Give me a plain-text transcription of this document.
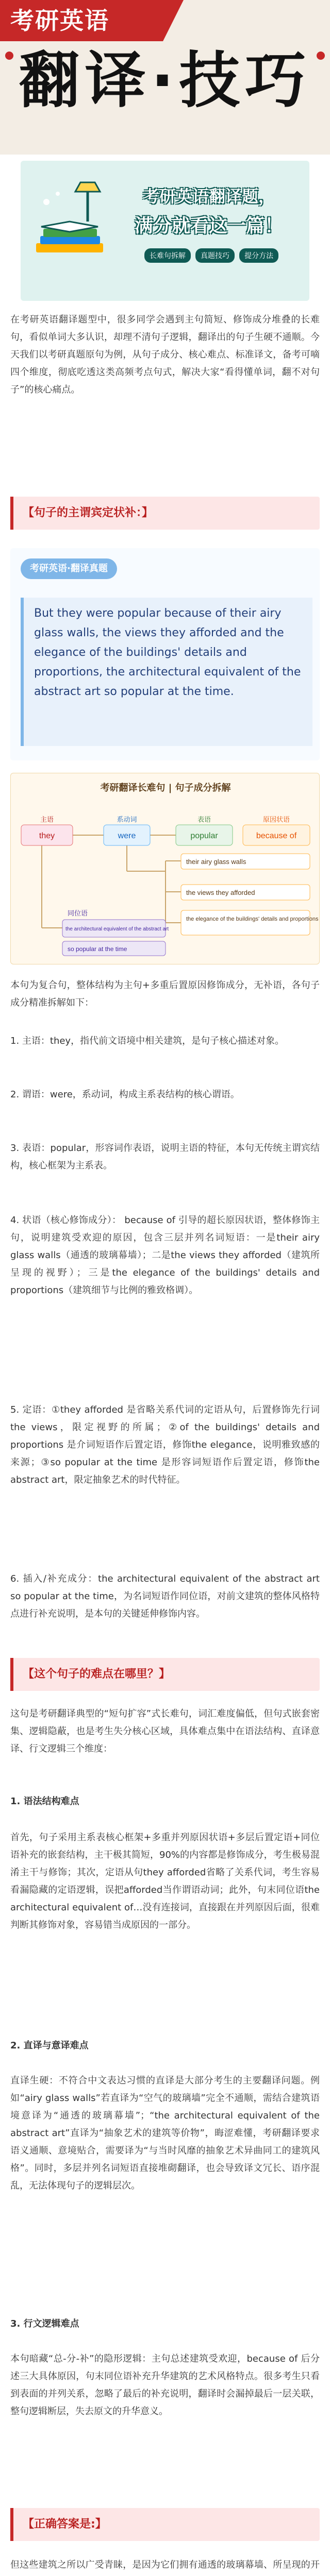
考研英语
翻译·技巧
考研英语翻译题，
满分就看这一篇！
长难句拆解 真题技巧 提分方法

在考研英语翻译题型中，很多同学会遇到主句简短、修饰成分堆叠的长难句，看似单词大多认识，却理不清句子逻辑，翻译出的句子生硬不通顺。今天我们以考研真题原句为例，从句子成分、核心难点、标准译文，备考可嘀四个维度，彻底吃透这类高频考点句式，解决大家“看得懂单词，翻不对句子”的核心痛点。

【句子的主谓宾定状补：】
考研英语·翻译真题

But they were popular because of their airy glass walls, the views they afforded and the elegance of the buildings' details and proportions, the architectural equivalent of the abstract art so popular at the time.

考研翻译长难句 | 句子成分拆解
they
主语
were
系动词
popular
表语
because of
原因状语
their airy glass walls
the views they afforded
the elegance of the buildings' details and proportions
the architectural equivalent of the abstract art
同位语
so popular at the time

本句为复合句，整体结构为主句+多重后置原因修饰成分，无补语，各句子成分精准拆解如下：

1. 主语：they，指代前文语境中相关建筑，是句子核心描述对象。

2. 谓语：were，系动词，构成主系表结构的核心谓语。

3. 表语：popular，形容词作表语，说明主语的特征，本句无传统主谓宾结构，核心框架为主系表。

4. 状语（核心修饰成分）： because of 引导的超长原因状语，整体修饰主句，说明建筑受欢迎的原因，包含三层并列名词短语：一是their airy glass walls（通透的玻璃幕墙）；二是the views they afforded（建筑所呈现的视野）；三是the elegance of the buildings' details and proportions（建筑细节与比例的雅致格调）。

5. 定语：①they afforded 是省略关系代词的定语从句，后置修饰先行词the views，限定视野的所属；②of the buildings' details and proportions 是介词短语作后置定语，修饰the elegance，说明雅致感的来源；③so popular at the time 是形容词短语作后置定语，修饰the abstract art，限定抽象艺术的时代特征。

6. 插入/补充成分：the architectural equivalent of the abstract art so popular at the time，为名词短语作同位语，对前文建筑的整体风格特点进行补充说明，是本句的关键延伸修饰内容。

【这个句子的难点在哪里？】

这句是考研翻译典型的“短句扩容”式长难句，词汇难度偏低，但句式嵌套密集、逻辑隐蔽，也是考生失分核心区域，具体难点集中在语法结构、直译意译、行文逻辑三个维度：

1. 语法结构难点

首先，句子采用主系表核心框架+多重并列原因状语+多层后置定语+同位语补充的嵌套结构，主干极其简短，90%的内容都是修饰成分，考生极易混淆主干与修饰；其次，定语从句they afforded省略了关系代词，考生容易看漏隐藏的定语逻辑，误把afforded当作谓语动词；此外，句末同位语the architectural equivalent of…没有连接词，直接跟在并列原因后面，很难判断其修饰对象，容易错当成原因的一部分。

2. 直译与意译难点

直译生硬：不符合中文表达习惯的直译是大部分考生的主要翻译问题。例如“airy glass walls”若直译为“空气的玻璃墙”完全不通顺，需结合建筑语境意译为“通透的玻璃幕墙”；“the architectural equivalent of the abstract art”直译为“抽象艺术的建筑等价物”，晦涩难懂，考研翻译要求语义通顺、意境贴合，需要译为“与当时风靡的抽象艺术异曲同工的建筑风格”。同时，多层并列名词短语直接堆砌翻译，也会导致译文冗长、语序混乱，无法体现句子的逻辑层次。

3. 行文逻辑难点

本句暗藏“总-分-补”的隐形逻辑：主句总述建筑受欢迎，because of 后分述三大具体原因，句末同位语补充升华建筑的艺术风格特点。很多考生只看到表面的并列关系，忽略了最后的补充说明，翻译时会漏掉最后一层关联，整句逻辑断层，失去原文的升华意义。

【正确答案是:】

但这些建筑之所以广受青睐，是因为它们拥有通透的玻璃幕墙、所呈现的开
